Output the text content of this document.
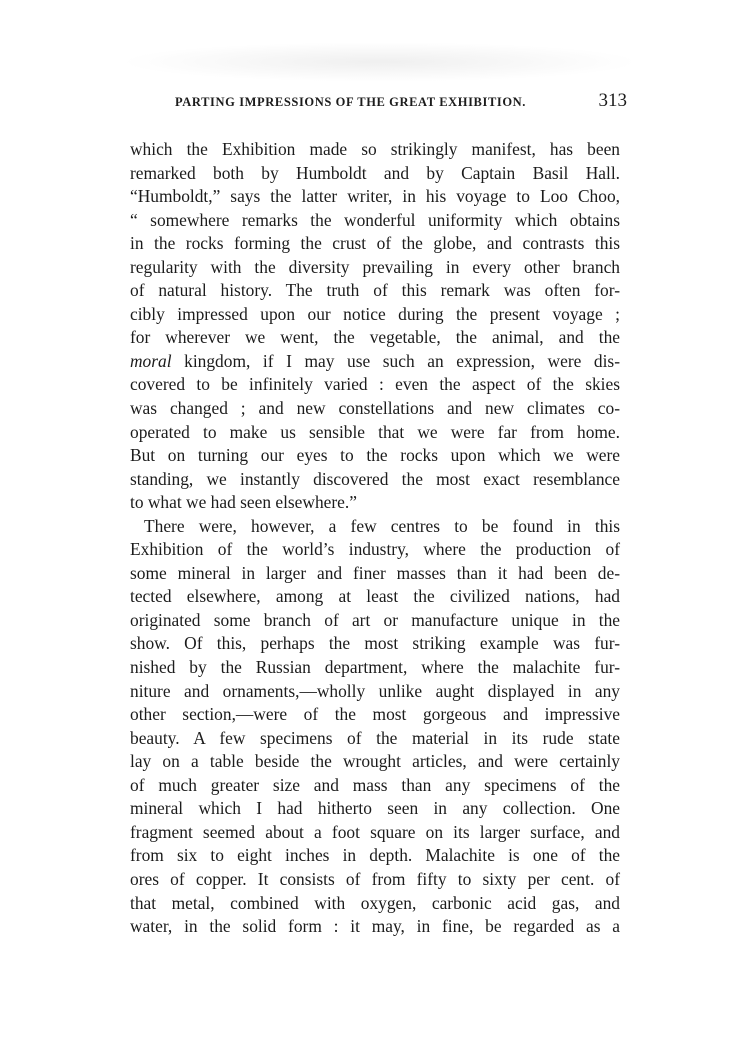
PARTING IMPRESSIONS OF THE GREAT EXHIBITION.	313
which the Exhibition made so strikingly manifest, has been
remarked both by Humboldt and by Captain Basil Hall.
“Humboldt,” says the latter writer, in his voyage to Loo Choo,
“ somewhere remarks the wonderful uniformity which obtains
in the rocks forming the crust of the globe, and contrasts this
regularity with the diversity prevailing in every other branch
of natural history. The truth of this remark was often for-
cibly impressed upon our notice during the present voyage ;
for wherever we went, the vegetable, the animal, and the
moral kingdom, if I may use such an expression, were dis-
covered to be infinitely varied : even the aspect of the skies
was changed ; and new constellations and new climates co-
operated to make us sensible that we were far from home.
But on turning our eyes to the rocks upon which we were
standing, we instantly discovered the most exact resemblance
to what we had seen elsewhere.”
There were, however, a few centres to be found in this
Exhibition of the world’s industry, where the production of
some mineral in larger and finer masses than it had been de-
tected elsewhere, among at least the civilized nations, had
originated some branch of art or manufacture unique in the
show. Of this, perhaps the most striking example was fur-
nished by the Russian department, where the malachite fur-
niture and ornaments,—wholly unlike aught displayed in any
other section,—were of the most gorgeous and impressive
beauty. A few specimens of the material in its rude state
lay on a table beside the wrought articles, and were certainly
of much greater size and mass than any specimens of the
mineral which I had hitherto seen in any collection. One
fragment seemed about a foot square on its larger surface, and
from six to eight inches in depth. Malachite is one of the
ores of copper. It consists of from fifty to sixty per cent. of
that metal, combined with oxygen, carbonic acid gas, and
water, in the solid form : it may, in fine, be regarded as a
